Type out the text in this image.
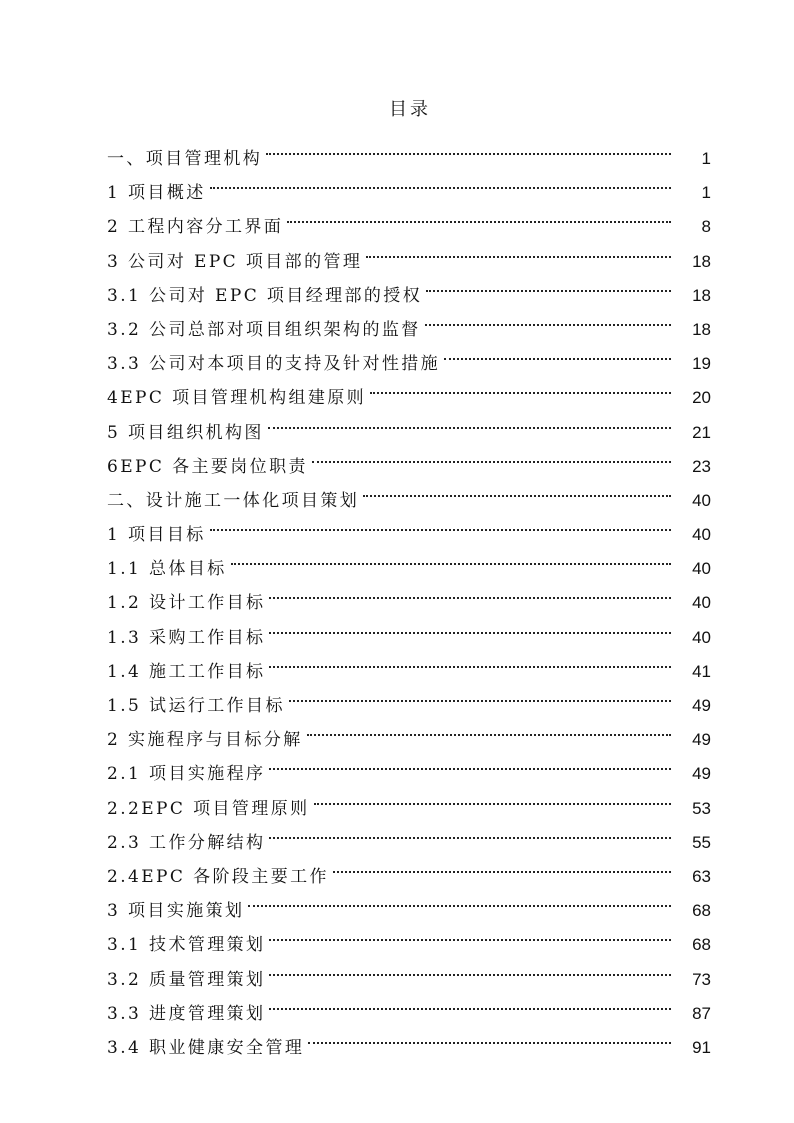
目录
一、项目管理机构	1
1 项目概述	1
2 工程内容分工界面	8
3 公司对 EPC 项目部的管理	18
3.1 公司对 EPC 项目经理部的授权	18
3.2 公司总部对项目组织架构的监督	18
3.3 公司对本项目的支持及针对性措施	19
4EPC 项目管理机构组建原则	20
5 项目组织机构图	21
6EPC 各主要岗位职责	23
二、设计施工一体化项目策划	40
1 项目目标	40
1.1 总体目标	40
1.2 设计工作目标	40
1.3 采购工作目标	40
1.4 施工工作目标	41
1.5 试运行工作目标	49
2 实施程序与目标分解	49
2.1 项目实施程序	49
2.2EPC 项目管理原则	53
2.3 工作分解结构	55
2.4EPC 各阶段主要工作	63
3 项目实施策划	68
3.1 技术管理策划	68
3.2 质量管理策划	73
3.3 进度管理策划	87
3.4 职业健康安全管理	91
